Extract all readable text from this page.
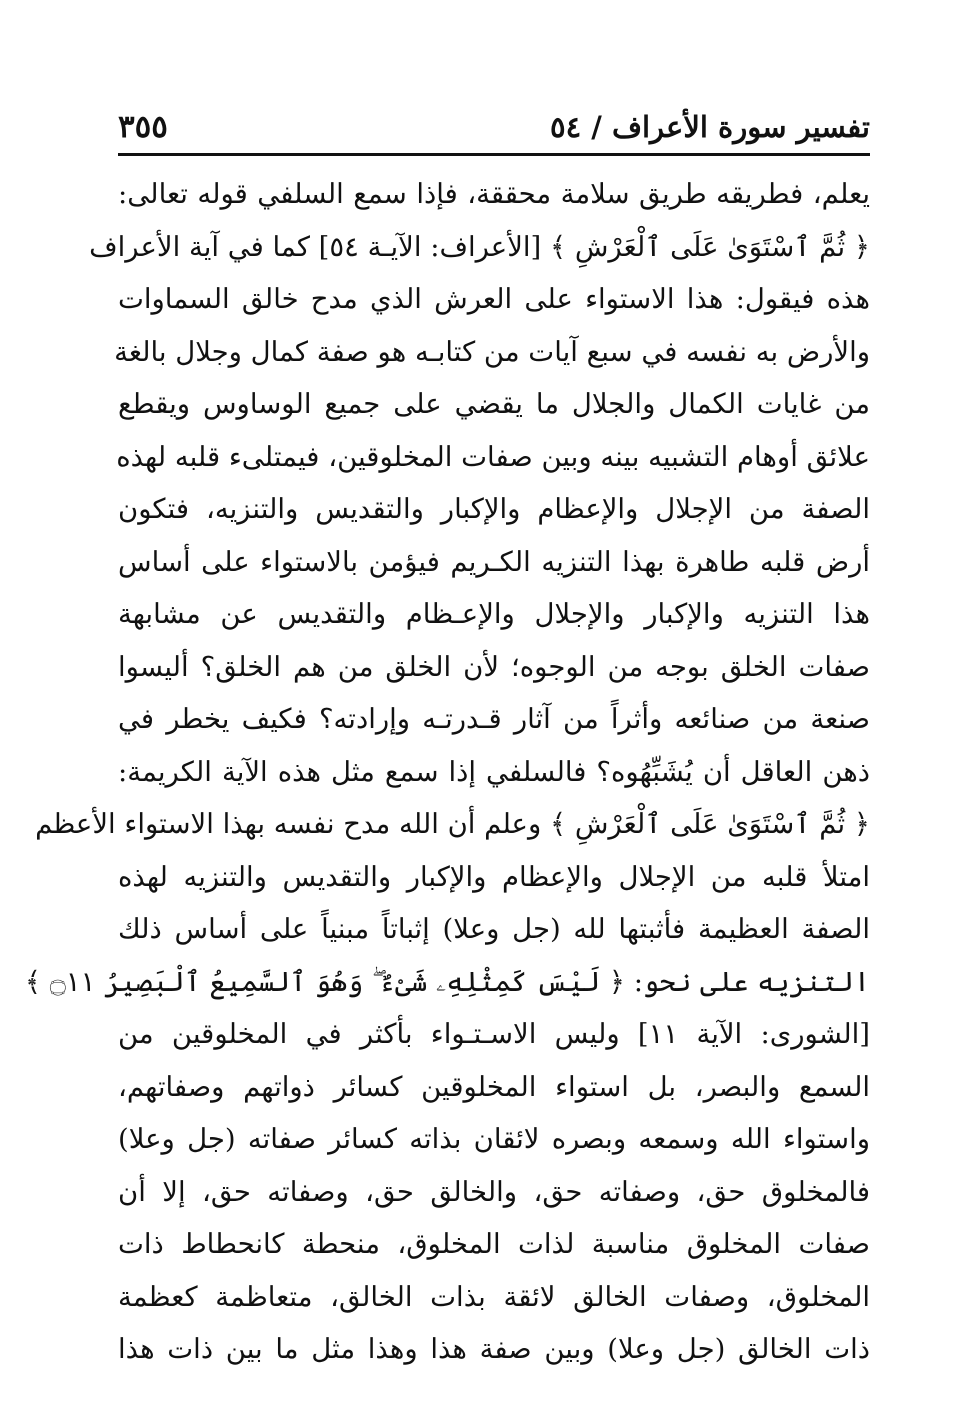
تفسير سورة الأعراف / ٥٤
٣٥٥
يعلم، فطريقه طريق سلامة محققة، فإذا سمع السلفي قوله تعالى:
﴿ ثُمَّ ٱسْتَوَىٰ عَلَى ٱلْعَرْشِ ﴾ [الأعراف: الآيـة ٥٤] كما في آية الأعراف
هذه فيقول: هذا الاستواء على العرش الذي مدح خالق السماوات
والأرض به نفسه في سبع آيات من كتابـه هو صفة كمال وجلال بالغة
من غايات الكمال والجلال ما يقضي على جميع الوساوس ويقطع
علائق أوهام التشبيه بينه وبين صفات المخلوقين، فيمتلىء قلبه لهذه
الصفة من الإجلال والإعظام والإكبار والتقديس والتنزيه، فتكون
أرض قلبه طاهرة بهذا التنزيه الكـريم فيؤمن بالاستواء على أساس
هذا التنزيه والإكبار والإجلال والإعـظام والتقديس عن مشابهة
صفات الخلق بوجه من الوجوه؛ لأن الخلق من هم الخلق؟ أليسوا
صنعة من صنائعه وأثراً من آثار قـدرتـه وإرادته؟ فكيف يخطر في
ذهن العاقل أن يُشَبِّهُوه؟ فالسلفي إذا سمع مثل هذه الآية الكريمة:
﴿ ثُمَّ ٱسْتَوَىٰ عَلَى ٱلْعَرْشِ ﴾ وعلم أن الله مدح نفسه بهذا الاستواء الأعظم
امتلأ قلبه من الإجلال والإعظام والإكبار والتقديس والتنزيه لهذه
الصفة العظيمة فأثبتها لله (جل وعلا) إثباتاً مبنياً على أساس ذلك
التنزيه على نحو: ﴿ لَيْسَ كَمِثْلِهِۦ شَىْءٌ ۖ وَهُوَ ٱلسَّمِيعُ ٱلْبَصِيرُ ۝١١ ﴾
[الشورى: الآية ١١] وليس الاسـتـواء بأكثر في المخلوقين من
السمع والبصر، بل استواء المخلوقين كسائر ذواتهم وصفاتهم،
واستواء الله وسمعه وبصره لائقان بذاته كسائر صفاته (جل وعلا)
فالمخلوق حق، وصفاته حق، والخالق حق، وصفاته حق، إلا أن
صفات المخلوق مناسبة لذات المخلوق، منحطة كانحطاط ذات
المخلوق، وصفات الخالق لائقة بذات الخالق، متعاظمة كعظمة
ذات الخالق (جل وعلا) وبين صفة هذا وهذا مثل ما بين ذات هذا
